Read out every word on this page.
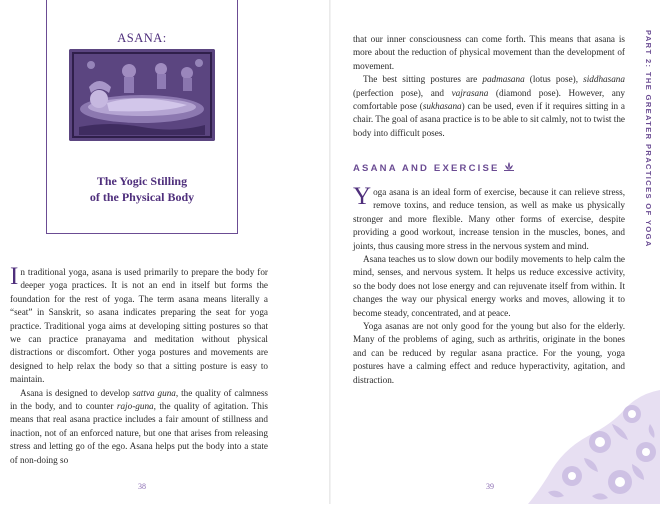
ASANA:
The Yogic Stilling
of the Physical Body

In traditional yoga, asana is used primarily to prepare the body for deeper yoga practices. It is not an end in itself but forms the foundation for the rest of yoga. The term asana means literally a “seat” in Sanskrit, so asana indicates preparing the seat for yoga practice. Traditional yoga aims at developing sitting postures so that we can practice pranayama and meditation without physical distractions or discomfort. Other yoga postures and movements are designed to help relax the body so that a sitting posture is easy to maintain.

Asana is designed to develop sattva guna, the quality of calmness in the body, and to counter rajo-guna, the quality of agitation. This means that real asana practice includes a fair amount of stillness and inaction, not of an enforced nature, but one that arises from releasing stress and letting go of the ego. Asana helps put the body into a state of non-doing so

38

that our inner consciousness can come forth. This means that asana is more about the reduction of physical movement than the development of movement.

The best sitting postures are padmasana (lotus pose), siddhasana (perfection pose), and vajrasana (diamond pose). However, any comfortable pose (sukhasana) can be used, even if it requires sitting in a chair. The goal of asana practice is to be able to sit calmly, not to twist the body into difficult poses.

ASANA AND EXERCISE

Yoga asana is an ideal form of exercise, because it can relieve stress, remove toxins, and reduce tension, as well as make us physically stronger and more flexible. Many other forms of exercise, despite providing a good workout, increase tension in the muscles, bones, and joints, thus causing more stress in the nervous system and mind.

Asana teaches us to slow down our bodily movements to help calm the mind, senses, and nervous system. It helps us reduce excessive activity, so the body does not lose energy and can rejuvenate itself from within. It changes the way our physical energy works and moves, allowing it to become steady, concentrated, and at peace.

Yoga asanas are not only good for the young but also for the elderly. Many of the problems of aging, such as arthritis, originate in the bones and can be reduced by regular asana practice. For the young, yoga postures have a calming effect and reduce hyperactivity, agitation, and distraction.

PART 2: THE GREATER PRACTICES OF YOGA
39
